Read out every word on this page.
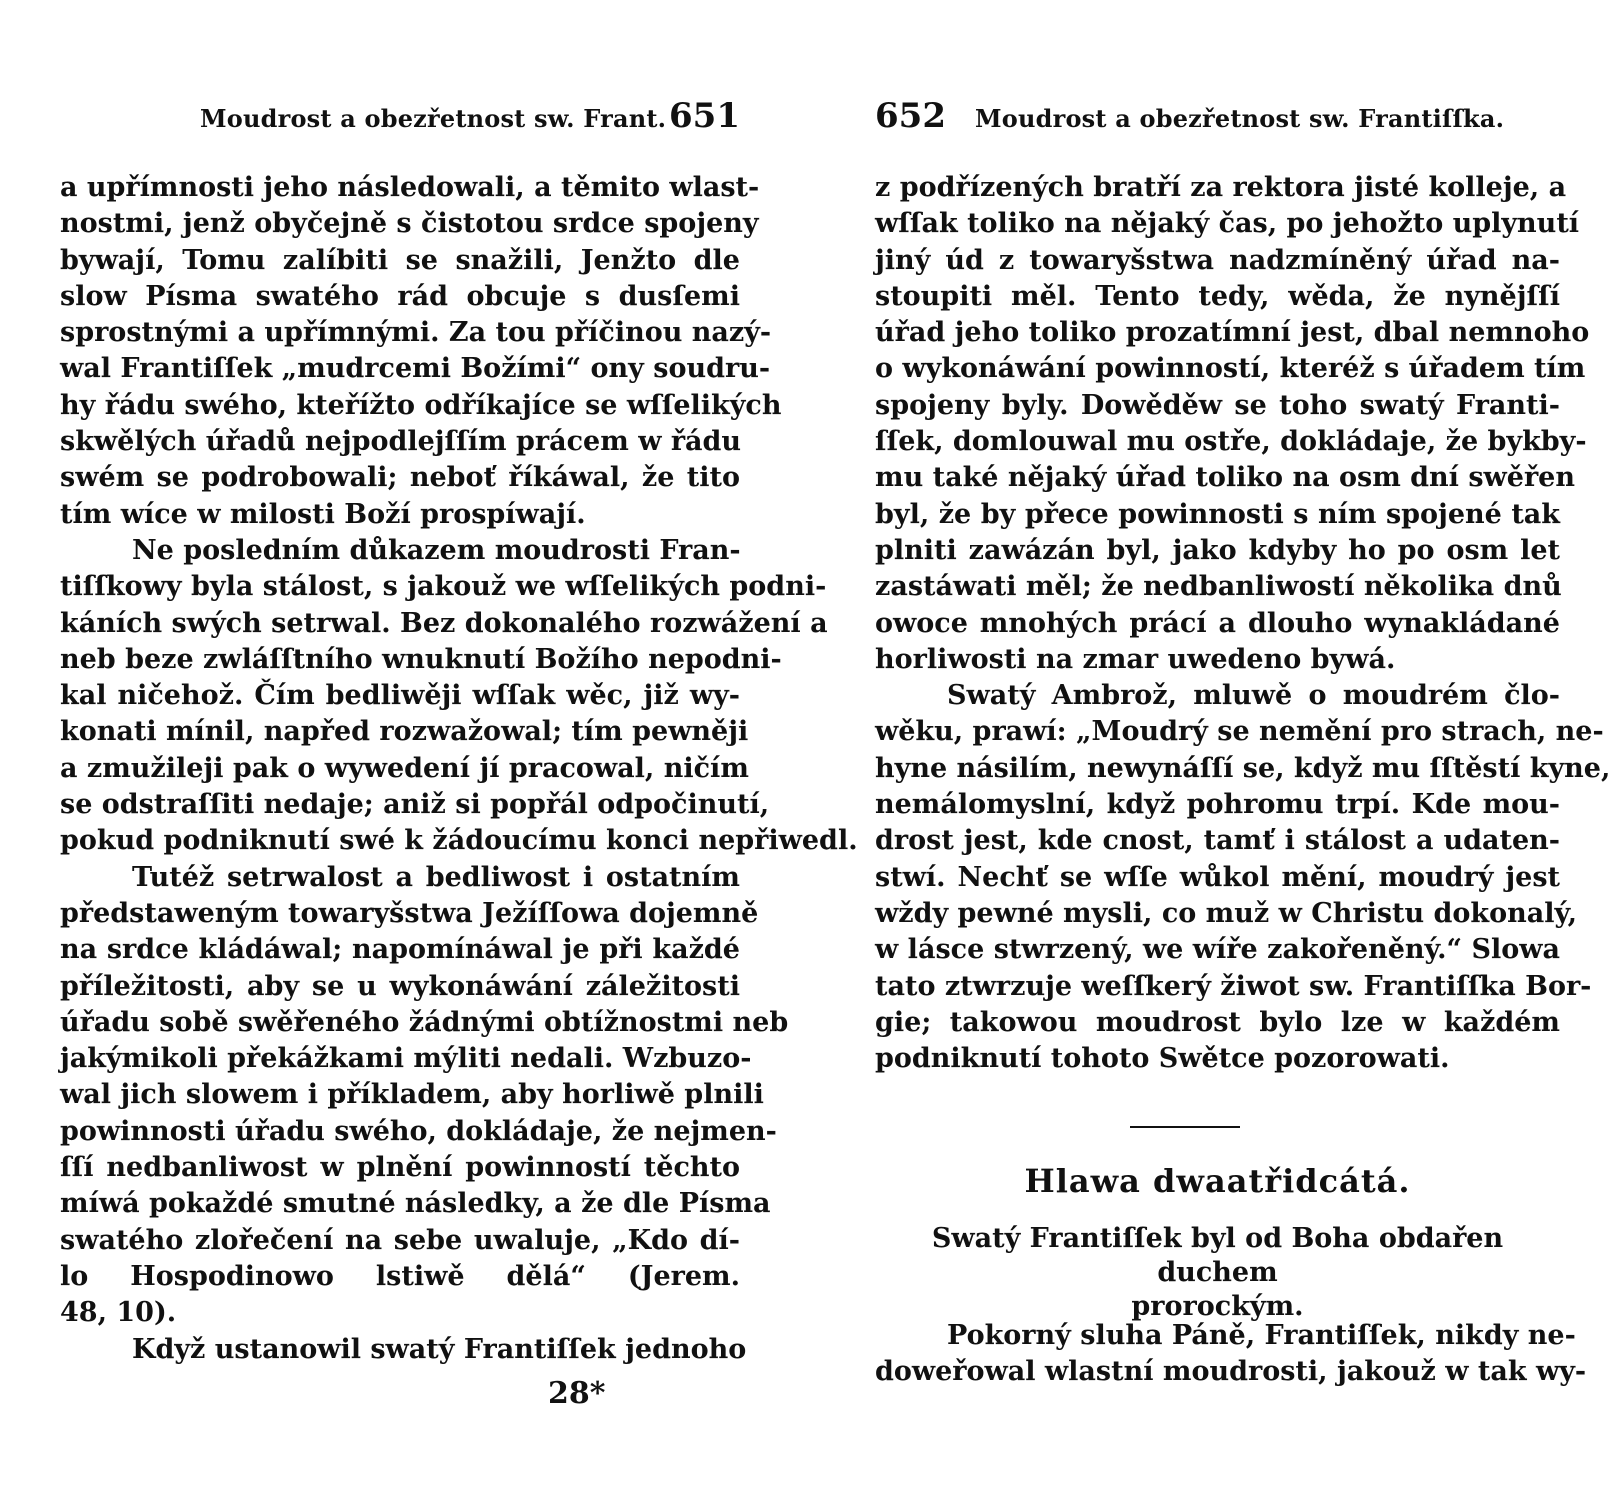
Moudrost a obezřetnost sw. Frant. 651
a upřímnosti jeho následowali, a těmito wlast-
nostmi, jenž obyčejně s čistotou srdce spojeny
bywají, Tomu zalíbiti se snažili, Jenžto dle
slow Písma swatého rád obcuje s dusſemi
sprostnými a upřímnými. Za tou příčinou nazý-
wal Frantiſſek „mudrcemi Božími“ ony soudru-
hy řádu swého, kteřížto odříkajíce se wſſelikých
skwělých úřadů nejpodlejſſím prácem w řádu
swém se podrobowali; neboť říkáwal, že tito
tím wíce w milosti Boží prospíwají.
Ne posledním důkazem moudrosti Fran-
tiſſkowy byla stálost, s jakouž we wſſelikých podni-
káních swých setrwal. Bez dokonalého rozwážení a
neb beze zwláſſtního wnuknutí Božího nepodni-
kal ničehož. Čím bedliwěji wſſak wěc, již wy-
konati mínil, napřed rozwažowal; tím pewněji
a zmužileji pak o wywedení jí pracowal, ničím
se odstraſſiti nedaje; aniž si popřál odpočinutí,
pokud podniknutí swé k žádoucímu konci nepřiwedl.
Tutéž setrwalost a bedliwost i ostatním
předstaweným towaryšstwa Ježíſſowa dojemně
na srdce kládáwal; napomínáwal je při každé
příležitosti, aby se u wykonáwání záležitosti
úřadu sobě swěřeného žádnými obtížnostmi neb
jakýmikoli překážkami mýliti nedali. Wzbuzo-
wal jich slowem i příkladem, aby horliwě plnili
powinnosti úřadu swého, dokládaje, že nejmen-
ſſí nedbanliwost w plnění powinností těchto
míwá pokaždé smutné následky, a že dle Písma
swatého zlořečení na sebe uwaluje, „Kdo dí-
lo Hospodinowo lstiwě dělá“ (Jerem.
48, 10).
Když ustanowil swatý Frantiſſek jednoho
28*
652 Moudrost a obezřetnost sw. Frantiſſka.
z podřízených bratří za rektora jisté kolleje, a
wſſak toliko na nějaký čas, po jehožto uplynutí
jiný úd z towaryšstwa nadzmíněný úřad na-
stoupiti měl. Tento tedy, wěda, že nynějſſí
úřad jeho toliko prozatímní jest, dbal nemnoho
o wykonáwání powinností, kteréž s úřadem tím
spojeny byly. Dowěděw se toho swatý Franti-
ſſek, domlouwal mu ostře, dokládaje, že bykby-
mu také nějaký úřad toliko na osm dní swěřen
byl, že by přece powinnosti s ním spojené tak
plniti zawázán byl, jako kdyby ho po osm let
zastáwati měl; že nedbanliwostí několika dnů
owoce mnohých prácí a dlouho wynakládané
horliwosti na zmar uwedeno bywá.
Swatý Ambrož, mluwě o moudrém člo-
wěku, prawí: „Moudrý se nemění pro strach, ne-
hyne násilím, newynáſſí se, když mu ſſtěstí kyne,
nemálomyslní, když pohromu trpí. Kde mou-
drost jest, kde cnost, tamť i stálost a udaten-
stwí. Nechť se wſſe wůkol mění, moudrý jest
wždy pewné mysli, co muž w Christu dokonalý,
w lásce stwrzený, we wíře zakořeněný.“ Slowa
tato ztwrzuje weſſkerý žiwot sw. Frantiſſka Bor-
gie; takowou moudrost bylo lze w každém
podniknutí tohoto Swětce pozorowati.
Hlawa dwaatřidcátá.
Swatý Frantiſſek byl od Boha obdařen duchem
prorockým.
Pokorný sluha Páně, Frantiſſek, nikdy ne-
doweřowal wlastní moudrosti, jakouž w tak wy-
